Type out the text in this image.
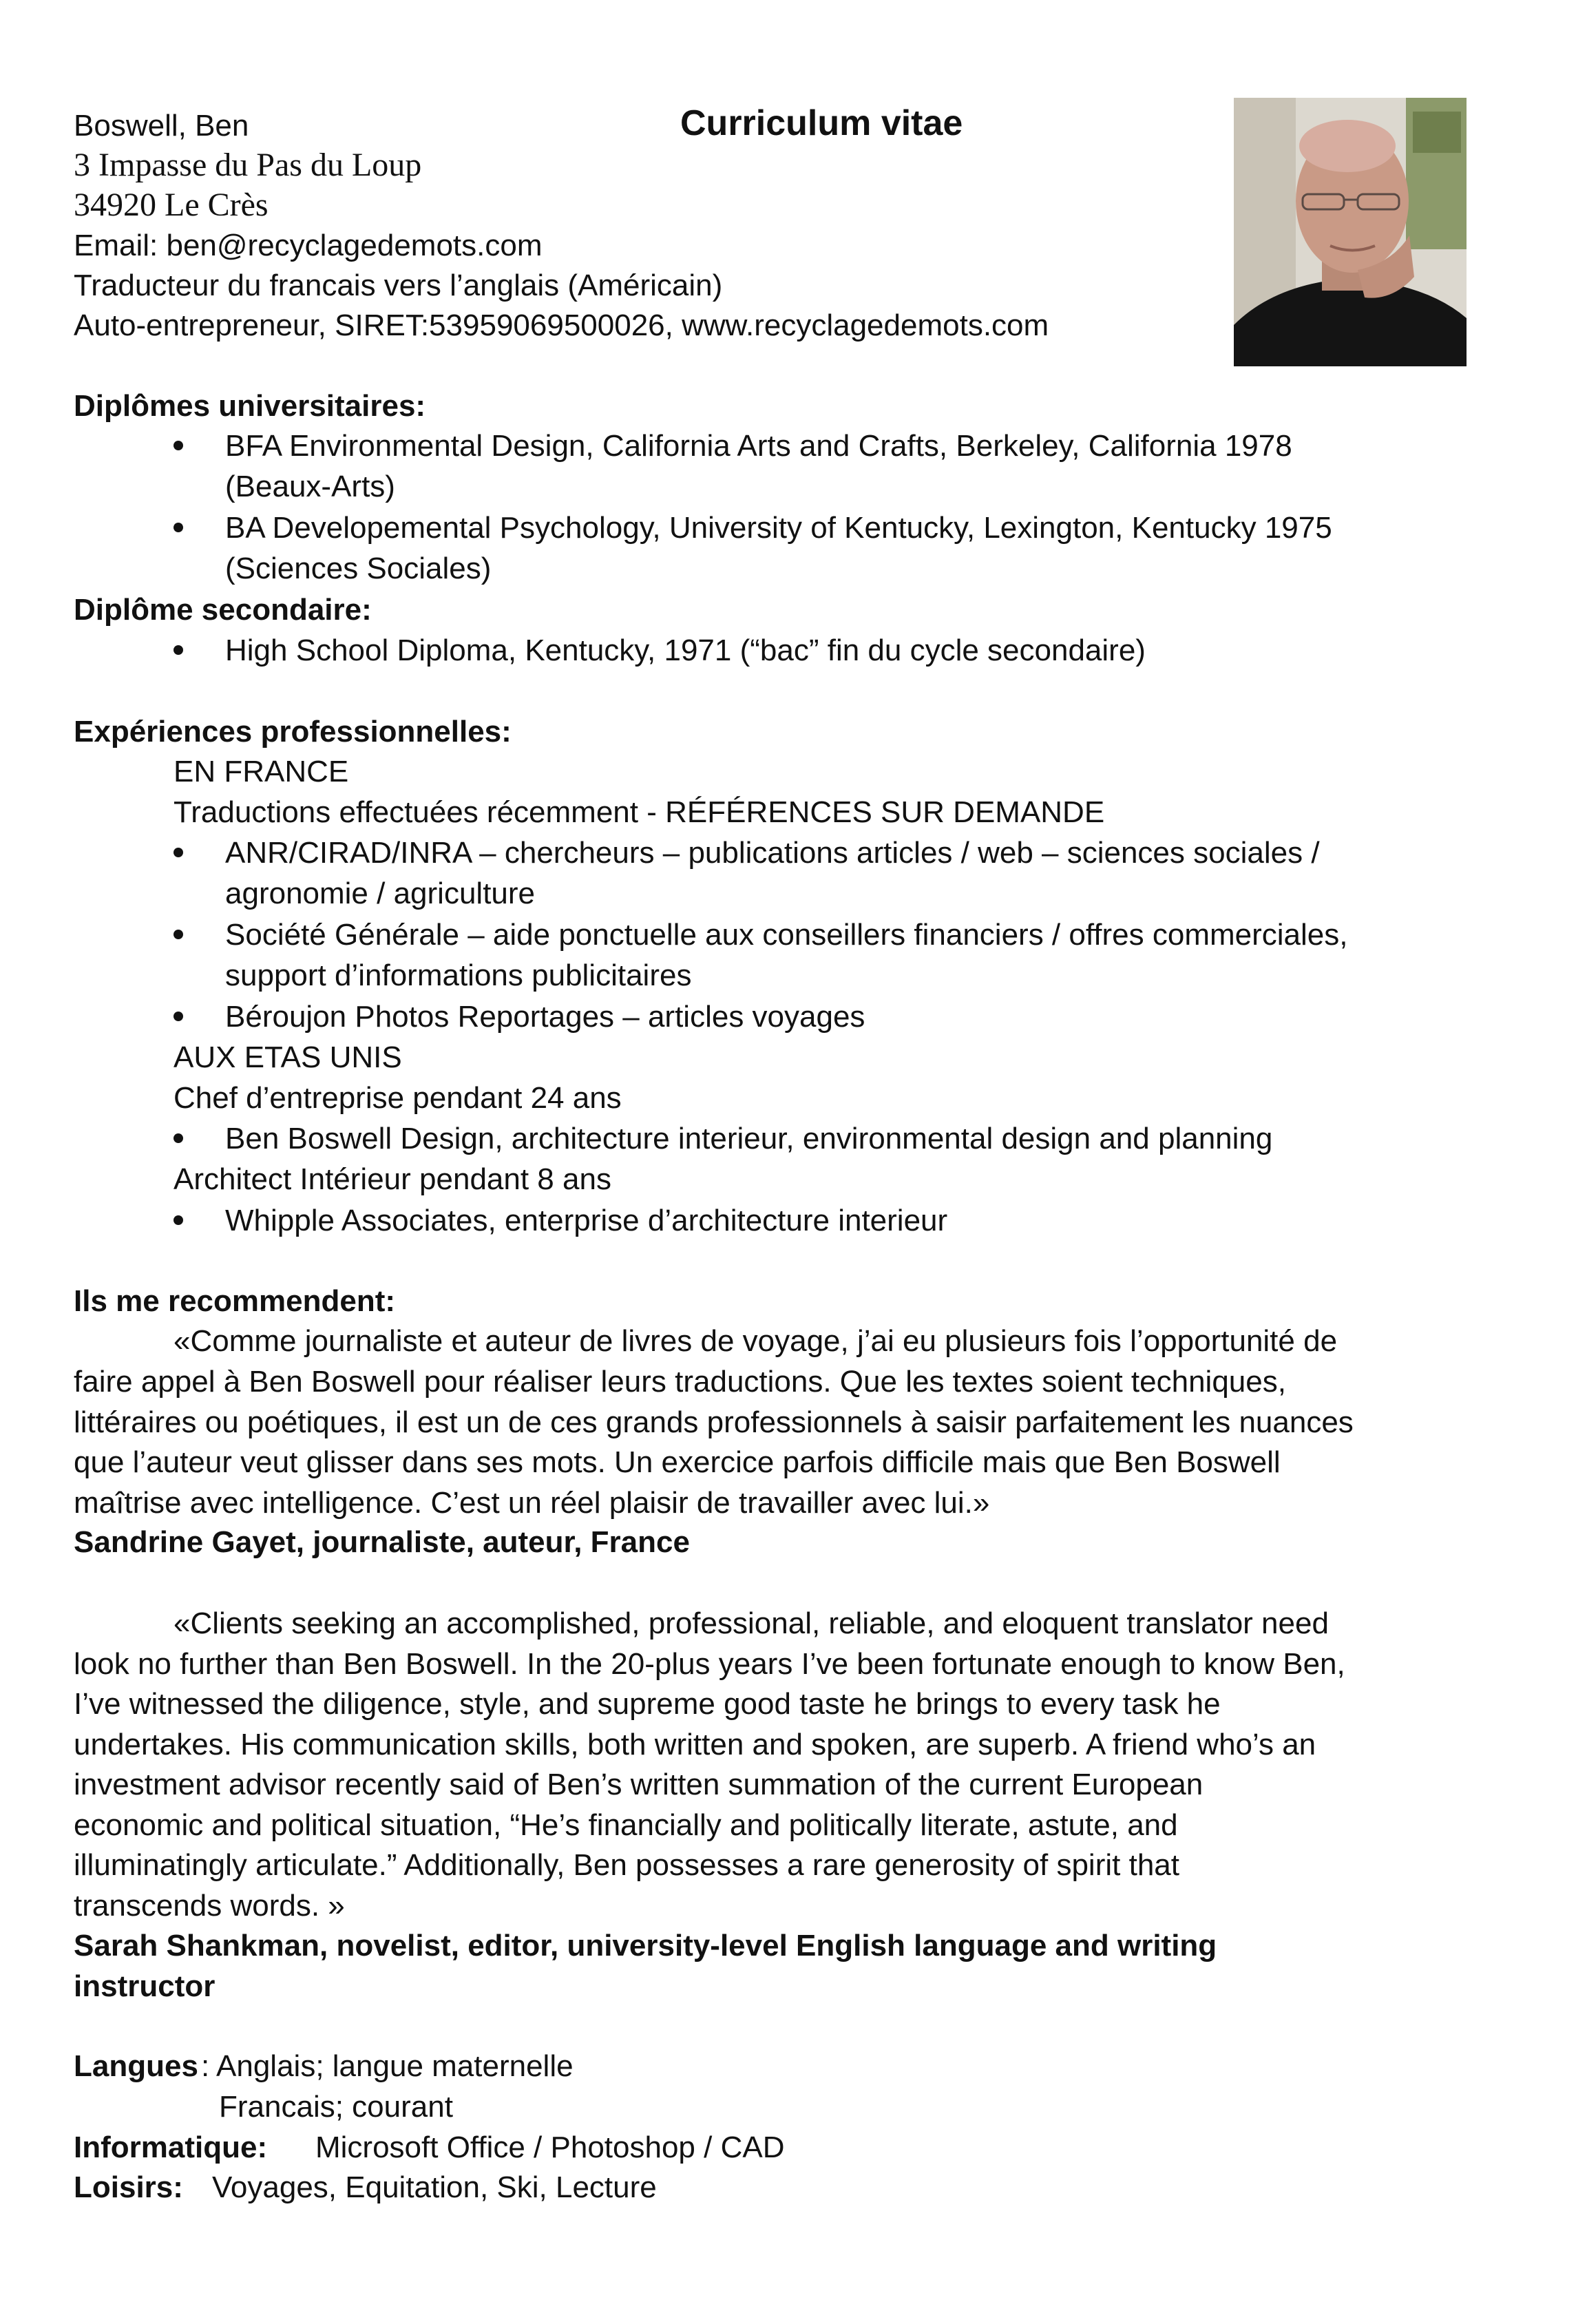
Boswell, Ben	Curriculum vitae
3 Impasse du Pas du Loup
34920 Le Crès
Email: ben@recyclagedemots.com
Traducteur du francais vers l’anglais (Américain)
Auto-entrepreneur, SIRET:53959069500026, www.recyclagedemots.com
Diplômes universitaires:
BFA Environmental Design, California Arts and Crafts, Berkeley, California 1978
(Beaux-Arts)
BA Developemental Psychology, University of Kentucky, Lexington, Kentucky 1975
(Sciences Sociales)
Diplôme secondaire:
High School Diploma, Kentucky, 1971 (“bac” fin du cycle secondaire)
Expériences professionnelles:
EN FRANCE
Traductions effectuées récemment - RÉFÉRENCES SUR DEMANDE
ANR/CIRAD/INRA – chercheurs – publications articles / web – sciences sociales /
agronomie / agriculture
Société Générale – aide ponctuelle aux conseillers financiers / offres commerciales,
support d’informations publicitaires
Béroujon Photos Reportages – articles voyages
AUX ETAS UNIS
Chef d’entreprise pendant 24 ans
Ben Boswell Design, architecture interieur, environmental design and planning
Architect Intérieur pendant 8 ans
Whipple Associates, enterprise d’architecture interieur
Ils me recommendent:
«Comme journaliste et auteur de livres de voyage, j’ai eu plusieurs fois l’opportunité de
faire appel à Ben Boswell pour réaliser leurs traductions. Que les textes soient techniques,
littéraires ou poétiques, il est un de ces grands professionnels à saisir parfaitement les nuances
que l’auteur veut glisser dans ses mots. Un exercice parfois difficile mais que Ben Boswell
maîtrise avec intelligence. C’est un réel plaisir de travailler avec lui.»
Sandrine Gayet, journaliste, auteur, France
«Clients seeking an accomplished, professional, reliable, and eloquent translator need
look no further than Ben Boswell. In the 20-plus years I’ve been fortunate enough to know Ben,
I’ve witnessed the diligence, style, and supreme good taste he brings to every task he
undertakes. His communication skills, both written and spoken, are superb. A friend who’s an
investment advisor recently said of Ben’s written summation of the current European
economic and political situation, “He’s financially and politically literate, astute, and
illuminatingly articulate.” Additionally, Ben possesses a rare generosity of spirit that
transcends words. »
Sarah Shankman, novelist, editor, university-level English language and writing
instructor
Langues : Anglais; langue maternelle
Francais; courant
Informatique: Microsoft Office / Photoshop / CAD
Loisirs: Voyages, Equitation, Ski, Lecture
